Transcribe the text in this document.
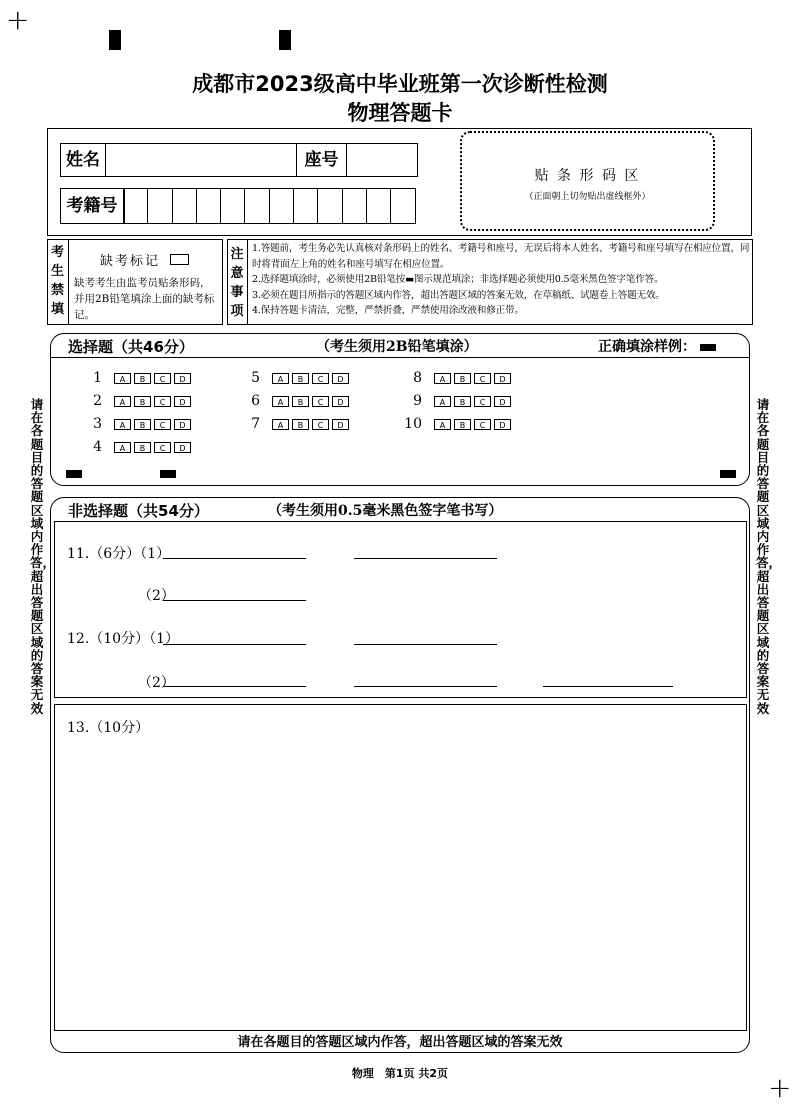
+
+
成都市2023级高中毕业班第一次诊断性检测
物理答题卡
姓名	座号
考籍号
贴 条 形 码 区
（正面朝上切勿贴出虚线框外）
考生禁填
缺考标记
缺考考生由监考员贴条形码，并用2B铅笔填涂上面的缺考标记。
注意事项
1.答题前，考生务必先认真核对条形码上的姓名、考籍号和座号，无误后将本人姓名、考籍号和座号填写在相应位置，同时将背面左上角的姓名和座号填写在相应位置。
2.选择题填涂时，必须使用2B铅笔按▬图示规范填涂；非选择题必须使用0.5毫米黑色签字笔作答。
3.必须在题目所指示的答题区域内作答，超出答题区域的答案无效，在草稿纸、试题卷上答题无效。
4.保持答题卡清洁，完整，严禁折叠，严禁使用涂改液和修正带。
选择题（共46分）	（考生须用2B铅笔填涂）	正确填涂样例：
1	A	B	C	D
2	A	B	C	D
3	A	B	C	D
4	A	B	C	D
5	A	B	C	D
6	A	B	C	D
7	A	B	C	D
8	A	B	C	D
9	A	B	C	D
10	A	B	C	D
非选择题（共54分）	（考生须用0.5毫米黑色签字笔书写）
11.（6分）（1）
（2）
12.（10分）（1）
（2）
13.（10分）
请在各题目的答题区域内作答，超出答题区域的答案无效
请在各题目的答题区域内作答，超出答题区域的答案无效
请在各题目的答题区域内作答，超出答题区域的答案无效
物理　第1页 共2页
